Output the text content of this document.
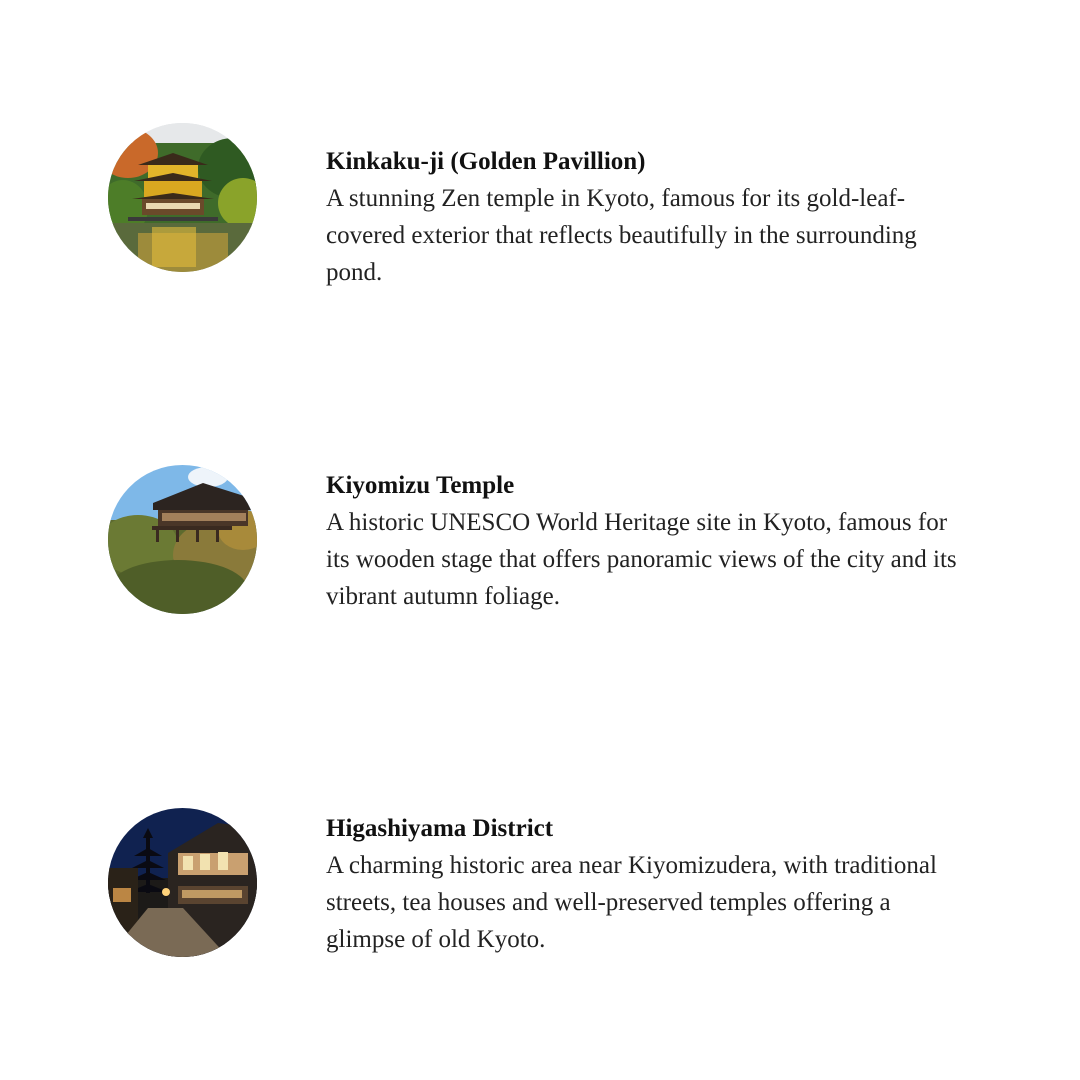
Kinkaku-ji (Golden Pavillion)

A stunning Zen temple in Kyoto, famous for its gold-leaf-covered exterior that reflects beautifully in the surrounding pond.

Kiyomizu Temple

A historic UNESCO World Heritage site in Kyoto, famous for its wooden stage that offers panoramic views of the city and its vibrant autumn foliage.

Higashiyama District

A charming historic area near Kiyomizudera, with traditional streets, tea houses and well-preserved temples offering a glimpse of old Kyoto.
